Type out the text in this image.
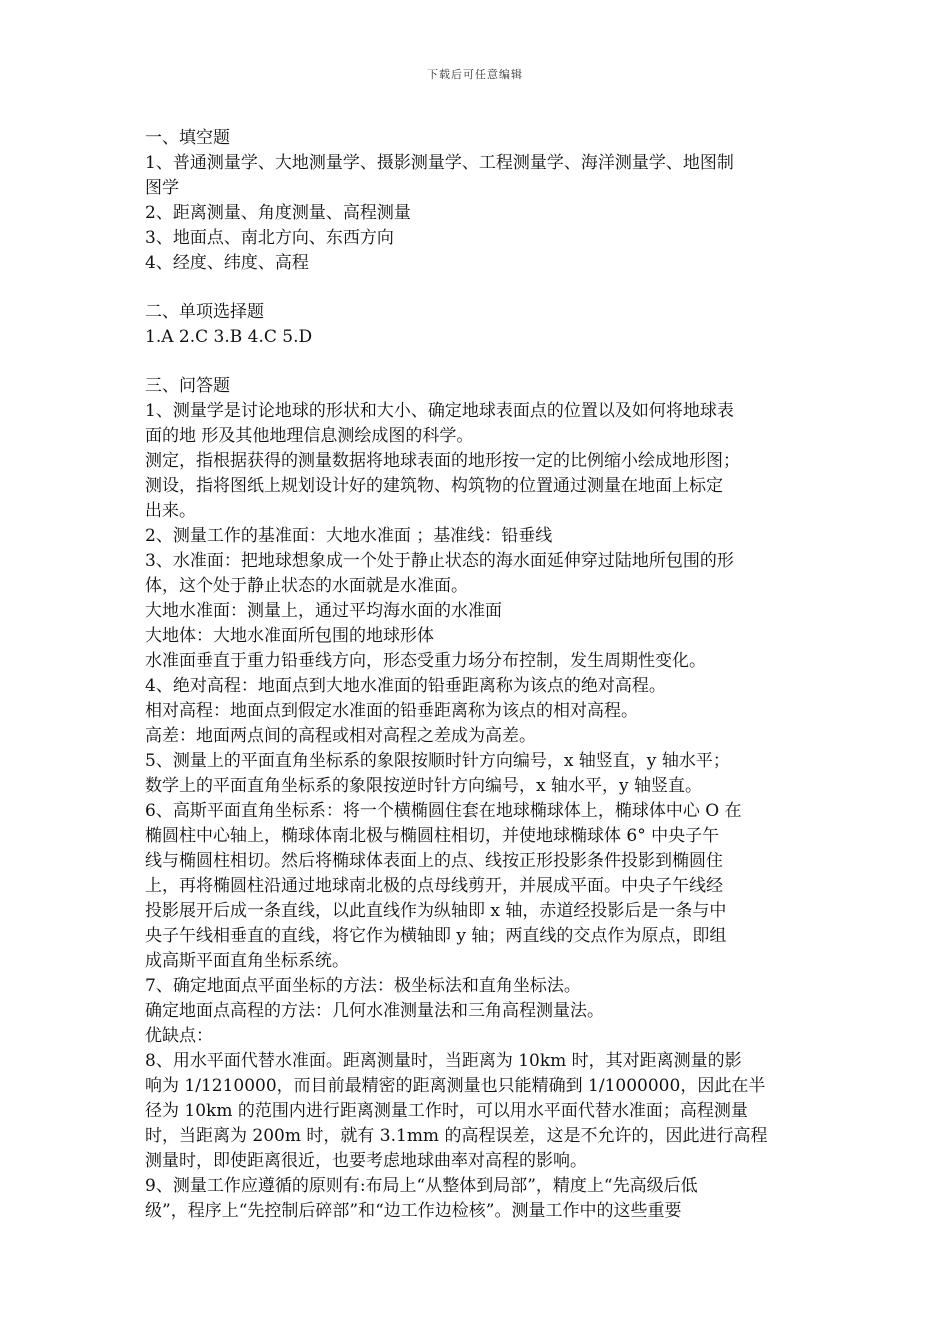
下载后可任意编辑
一、填空题
1、普通测量学、大地测量学、摄影测量学、工程测量学、海洋测量学、地图制
图学
2、距离测量、角度测量、高程测量
3、地面点、南北方向、东西方向
4、经度、纬度、高程
二、单项选择题
1.A 2.C 3.B 4.C 5.D
三、问答题
1、测量学是讨论地球的形状和大小、确定地球表面点的位置以及如何将地球表
面的地 形及其他地理信息测绘成图的科学。
测定，指根据获得的测量数据将地球表面的地形按一定的比例缩小绘成地形图；
测设，指将图纸上规划设计好的建筑物、构筑物的位置通过测量在地面上标定
出来。
2、测量工作的基准面：大地水准面 ；基准线：铅垂线
3、水准面：把地球想象成一个处于静止状态的海水面延伸穿过陆地所包围的形
体，这个处于静止状态的水面就是水准面。
大地水准面：测量上，通过平均海水面的水准面
大地体：大地水准面所包围的地球形体
水准面垂直于重力铅垂线方向，形态受重力场分布控制，发生周期性变化。
4、绝对高程：地面点到大地水准面的铅垂距离称为该点的绝对高程。
相对高程：地面点到假定水准面的铅垂距离称为该点的相对高程。
高差：地面两点间的高程或相对高程之差成为高差。
5、测量上的平面直角坐标系的象限按顺时针方向编号，x 轴竖直，y 轴水平；
数学上的平面直角坐标系的象限按逆时针方向编号，x 轴水平，y 轴竖直。
6、高斯平面直角坐标系：将一个横椭圆住套在地球椭球体上，椭球体中心 O 在
椭圆柱中心轴上，椭球体南北极与椭圆柱相切，并使地球椭球体 6° 中央子午
线与椭圆柱相切。然后将椭球体表面上的点、线按正形投影条件投影到椭圆住
上，再将椭圆柱沿通过地球南北极的点母线剪开，并展成平面。中央子午线经
投影展开后成一条直线，以此直线作为纵轴即 x 轴，赤道经投影后是一条与中
央子午线相垂直的直线，将它作为横轴即 y 轴；两直线的交点作为原点，即组
成高斯平面直角坐标系统。
7、确定地面点平面坐标的方法：极坐标法和直角坐标法。
确定地面点高程的方法：几何水准测量法和三角高程测量法。
优缺点：
8、用水平面代替水准面。距离测量时，当距离为 10km 时，其对距离测量的影
响为 1/1210000，而目前最精密的距离测量也只能精确到 1/1000000，因此在半
径为 10km 的范围内进行距离测量工作时，可以用水平面代替水准面；高程测量
时，当距离为 200m 时，就有 3.1mm 的高程误差，这是不允许的，因此进行高程
测量时，即使距离很近，也要考虑地球曲率对高程的影响。
9、测量工作应遵循的原则有:布局上“从整体到局部”，精度上“先高级后低
级”，程序上“先控制后碎部”和“边工作边检核”。测量工作中的这些重要
